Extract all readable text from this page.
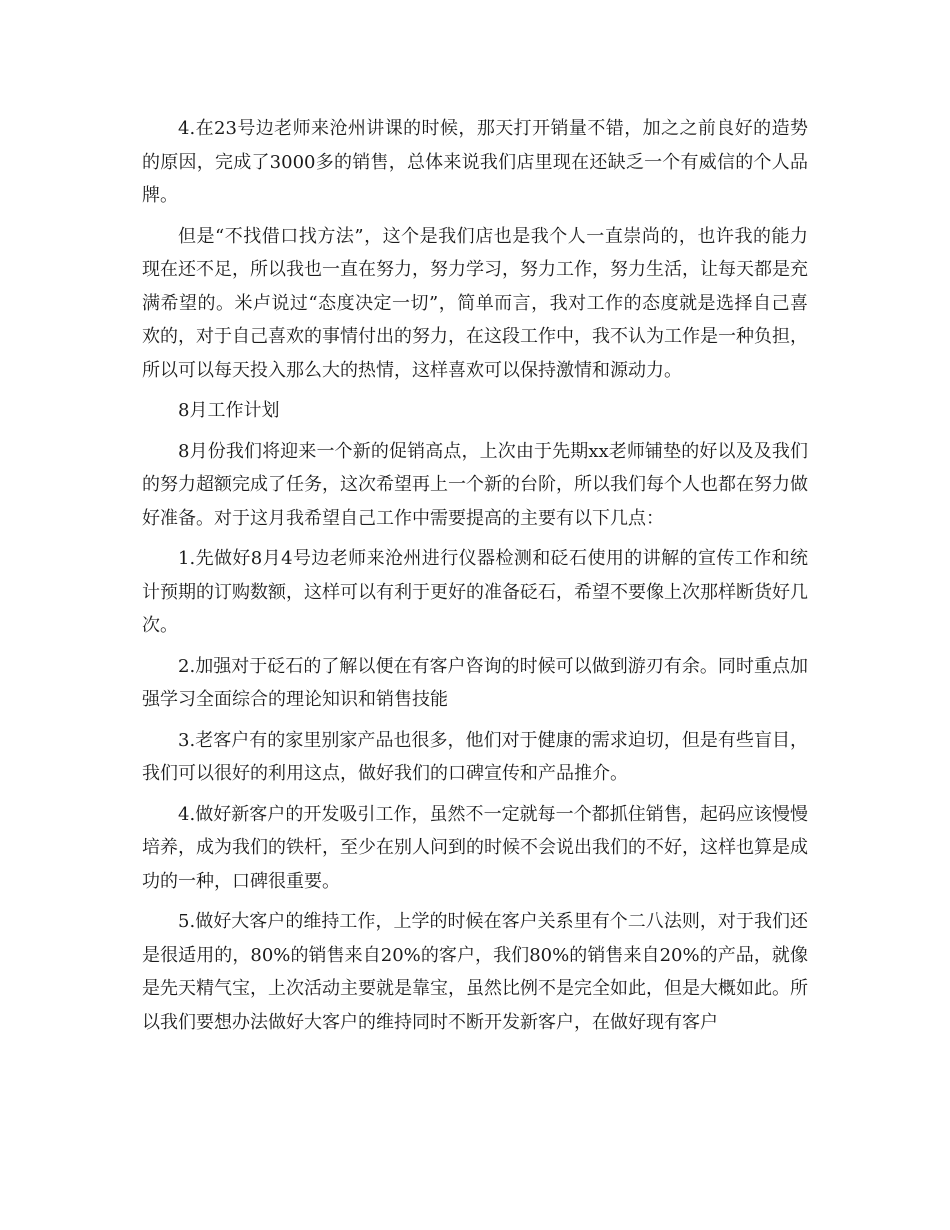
4.在23号边老师来沧州讲课的时候，那天打开销量不错，加之之前良好的造势的原因，完成了3000多的销售，总体来说我们店里现在还缺乏一个有威信的个人品牌。

但是“不找借口找方法”，这个是我们店也是我个人一直崇尚的，也许我的能力现在还不足，所以我也一直在努力，努力学习，努力工作，努力生活，让每天都是充满希望的。米卢说过“态度决定一切”，简单而言，我对工作的态度就是选择自己喜欢的，对于自己喜欢的事情付出的努力，在这段工作中，我不认为工作是一种负担，所以可以每天投入那么大的热情，这样喜欢可以保持激情和源动力。

8月工作计划

8月份我们将迎来一个新的促销高点，上次由于先期xx老师铺垫的好以及及我们的努力超额完成了任务，这次希望再上一个新的台阶，所以我们每个人也都在努力做好准备。对于这月我希望自己工作中需要提高的主要有以下几点：

1.先做好8月4号边老师来沧州进行仪器检测和砭石使用的讲解的宣传工作和统计预期的订购数额，这样可以有利于更好的准备砭石，希望不要像上次那样断货好几次。

2.加强对于砭石的了解以便在有客户咨询的时候可以做到游刃有余。同时重点加强学习全面综合的理论知识和销售技能

3.老客户有的家里别家产品也很多，他们对于健康的需求迫切，但是有些盲目，我们可以很好的利用这点，做好我们的口碑宣传和产品推介。

4.做好新客户的开发吸引工作，虽然不一定就每一个都抓住销售，起码应该慢慢培养，成为我们的铁杆，至少在别人问到的时候不会说出我们的不好，这样也算是成功的一种，口碑很重要。

5.做好大客户的维持工作，上学的时候在客户关系里有个二八法则，对于我们还是很适用的，80%的销售来自20%的客户，我们80%的销售来自20%的产品，就像是先天精气宝，上次活动主要就是靠宝，虽然比例不是完全如此，但是大概如此。所以我们要想办法做好大客户的维持同时不断开发新客户，在做好现有客户
